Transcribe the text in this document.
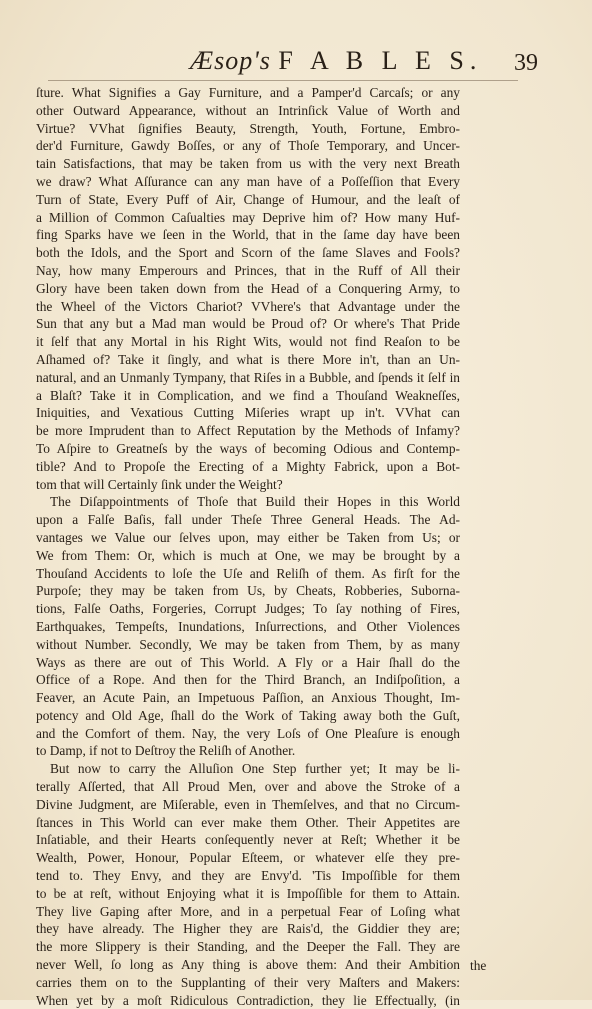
Æsop's F A B L E S. 39
ſture. What Signifies a Gay Furniture, and a Pamper'd Carcaſs; or any
other Outward Appearance, without an Intrinſick Value of Worth and
Virtue? VVhat ſignifies Beauty, Strength, Youth, Fortune, Embro-
der'd Furniture, Gawdy Boſſes, or any of Thoſe Temporary, and Uncer-
tain Satisfactions, that may be taken from us with the very next Breath
we draw? What Aſſurance can any man have of a Poſſeſſion that Every
Turn of State, Every Puff of Air, Change of Humour, and the leaſt of
a Million of Common Caſualties may Deprive him of? How many Huf-
fing Sparks have we ſeen in the World, that in the ſame day have been
both the Idols, and the Sport and Scorn of the ſame Slaves and Fools?
Nay, how many Emperours and Princes, that in the Ruff of All their
Glory have been taken down from the Head of a Conquering Army, to
the Wheel of the Victors Chariot? VVhere's that Advantage under the
Sun that any but a Mad man would be Proud of? Or where's That Pride
it ſelf that any Mortal in his Right Wits, would not find Reaſon to be
Aſhamed of? Take it ſingly, and what is there More in't, than an Un-
natural, and an Unmanly Tympany, that Riſes in a Bubble, and ſpends it ſelf in
a Blaſt? Take it in Complication, and we find a Thouſand Weakneſſes,
Iniquities, and Vexatious Cutting Miſeries wrapt up in't. VVhat can
be more Imprudent than to Affect Reputation by the Methods of Infamy?
To Aſpire to Greatneſs by the ways of becoming Odious and Contemp-
tible? And to Propoſe the Erecting of a Mighty Fabrick, upon a Bot-
tom that will Certainly ſink under the Weight?
The Diſappointments of Thoſe that Build their Hopes in this World
upon a Falſe Baſis, fall under Theſe Three General Heads. The Ad-
vantages we Value our ſelves upon, may either be Taken from Us; or
We from Them: Or, which is much at One, we may be brought by a
Thouſand Accidents to loſe the Uſe and Reliſh of them. As firſt for the
Purpoſe; they may be taken from Us, by Cheats, Robberies, Suborna-
tions, Falſe Oaths, Forgeries, Corrupt Judges; To ſay nothing of Fires,
Earthquakes, Tempeſts, Inundations, Inſurrections, and Other Violences
without Number. Secondly, We may be taken from Them, by as many
Ways as there are out of This World. A Fly or a Hair ſhall do the
Office of a Rope. And then for the Third Branch, an Indiſpoſition, a
Feaver, an Acute Pain, an Impetuous Paſſion, an Anxious Thought, Im-
potency and Old Age, ſhall do the Work of Taking away both the Guſt,
and the Comfort of them. Nay, the very Loſs of One Pleaſure is enough
to Damp, if not to Deſtroy the Reliſh of Another.
But now to carry the Alluſion One Step further yet; It may be li-
terally Aſſerted, that All Proud Men, over and above the Stroke of a
Divine Judgment, are Miſerable, even in Themſelves, and that no Circum-
ſtances in This World can ever make them Other. Their Appetites are
Inſatiable, and their Hearts conſequently never at Reſt; Whether it be
Wealth, Power, Honour, Popular Eſteem, or whatever elſe they pre-
tend to. They Envy, and they are Envy'd. 'Tis Impoſſible for them
to be at reſt, without Enjoying what it is Impoſſible for them to Attain.
They live Gaping after More, and in a perpetual Fear of Loſing what
they have already. The Higher they are Rais'd, the Giddier they are;
the more Slippery is their Standing, and the Deeper the Fall. They are
never Well, ſo long as Any thing is above them: And their Ambition
carries them on to the Supplanting of their very Maſters and Makers:
When yet by a moſt Ridiculous Contradiction, they lie Effectually, (in
the
